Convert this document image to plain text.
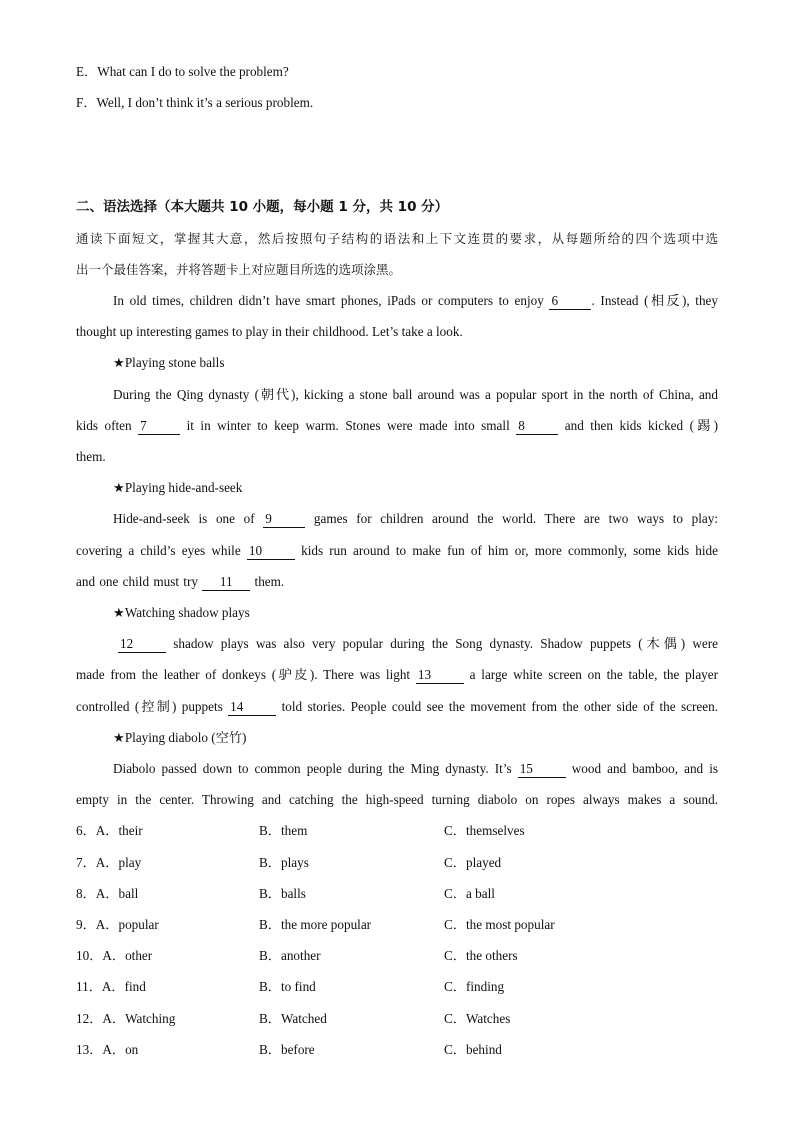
E．What can I do to solve the problem?
F．Well, I don’t think it’s a serious problem.
二、语法选择（本大题共 10 小题，每小题 1 分，共 10 分）
通读下面短文，掌握其大意，然后按照句子结构的语法和上下文连贯的要求，从每题所给的四个选项中选
出一个最佳答案，并将答题卡上对应题目所选的选项涂黑。
In old times, children didn’t have smart phones, iPads or computers to enjoy 6	. Instead (相反), they
thought up interesting games to play in their childhood. Let’s take a look.
★Playing stone balls
During the Qing dynasty (朝代), kicking a stone ball around was a popular sport in the north of China, and
kids often 7	it in winter to keep warm. Stones were made into small 8	and then kids kicked (踢)
them.
★Playing hide-and-seek
Hide-and-seek is one of 9	games for children around the world. There are two ways to play:
covering a child’s eyes while 10	kids run around to make fun of him or, more commonly, some kids hide
and one child must try 11 them.
★Watching shadow plays
12	shadow plays was also very popular during the Song dynasty. Shadow puppets (木偶) were
made from the leather of donkeys (驴皮). There was light 13	a large white screen on the table, the player
controlled (控制) puppets 14	told stories. People could see the movement from the other side of the screen.
★Playing diabolo (空竹)
Diabolo passed down to common people during the Ming dynasty. It’s 15	wood and bamboo, and is
empty in the center. Throwing and catching the high-speed turning diabolo on ropes always makes a sound.
6．A．their	B．them	C．themselves
7．A．play	B．plays	C．played
8．A．ball	B．balls	C．a ball
9．A．popular	B．the more popular	C．the most popular
10．A．other	B．another	C．the others
11．A．find	B．to find	C．finding
12．A．Watching	B．Watched	C．Watches
13．A．on	B．before	C．behind
